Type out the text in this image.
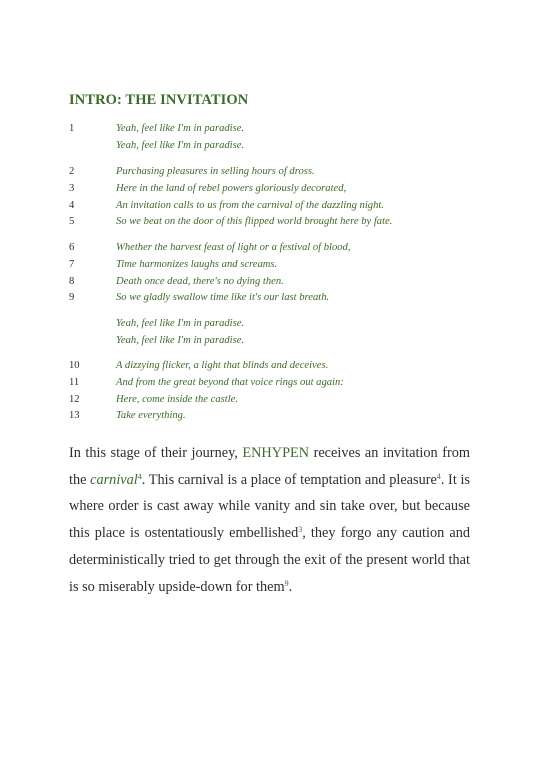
INTRO: THE INVITATION
1	Yeah, feel like I'm in paradise.
Yeah, feel like I'm in paradise.
2	Purchasing pleasures in selling hours of dross.
3	Here in the land of rebel powers gloriously decorated,
4	An invitation calls to us from the carnival of the dazzling night.
5	So we beat on the door of this flipped world brought here by fate.
6	Whether the harvest feast of light or a festival of blood,
7	Time harmonizes laughs and screams.
8	Death once dead, there's no dying then.
9	So we gladly swallow time like it's our last breath.
Yeah, feel like I'm in paradise.
Yeah, feel like I'm in paradise.
10	A dizzying flicker, a light that blinds and deceives.
11	And from the great beyond that voice rings out again:
12	Here, come inside the castle.
13	Take everything.

In this stage of their journey, ENHYPEN receives an invitation from the carnival$^4$. This carnival is a place of temptation and pleasure$^4$. It is where order is cast away while vanity and sin take over, but because this place is ostentatiously embellished$^3$, they forgo any caution and deterministically tried to get through the exit of the present world that is so miserably upside-down for them$^9$.
